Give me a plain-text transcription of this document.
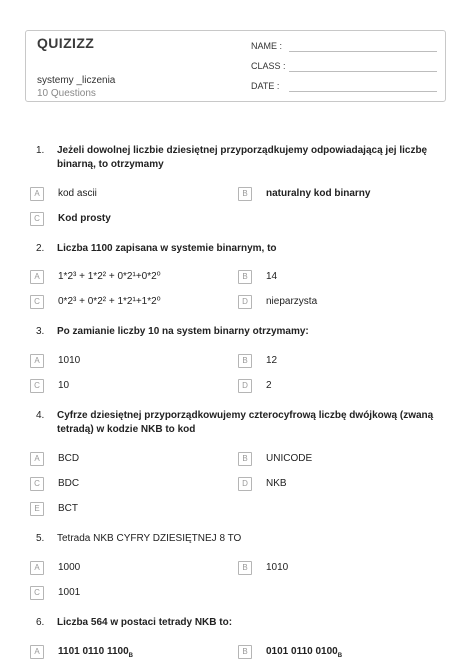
QUIZIZZ
systemy _liczenia
10 Questions
NAME :
CLASS :
DATE :
1.	Jeżeli dowolnej liczbie dziesiętnej przyporządkujemy odpowiadającą jej liczbę binarną, to otrzymamy
A	kod ascii	B	naturalny kod binarny
C	Kod prosty
2.	Liczba 1100 zapisana w systemie binarnym, to
A	1*2³ + 1*2² + 0*2¹+0*2⁰	B	14
C	0*2³ + 0*2² + 1*2¹+1*2⁰	D	nieparzysta
3.	Po zamianie liczby 10 na system binarny otrzymamy:
A	1010	B	12
C	10	D	2
4.	Cyfrze dziesiętnej przyporządkowujemy czterocyfrową liczbę dwójkową (zwaną tetradą) w kodzie NKB to kod
A	BCD	B	UNICODE
C	BDC	D	NKB
E	BCT
5.	Tetrada NKB CYFRY DZIESIĘTNEJ 8 TO
A	1000	B	1010
C	1001
6.	Liczba 564 w postaci tetrady NKB to:
A	1101 0110 $1100_B$	B	0101 0110 $0100_B$
